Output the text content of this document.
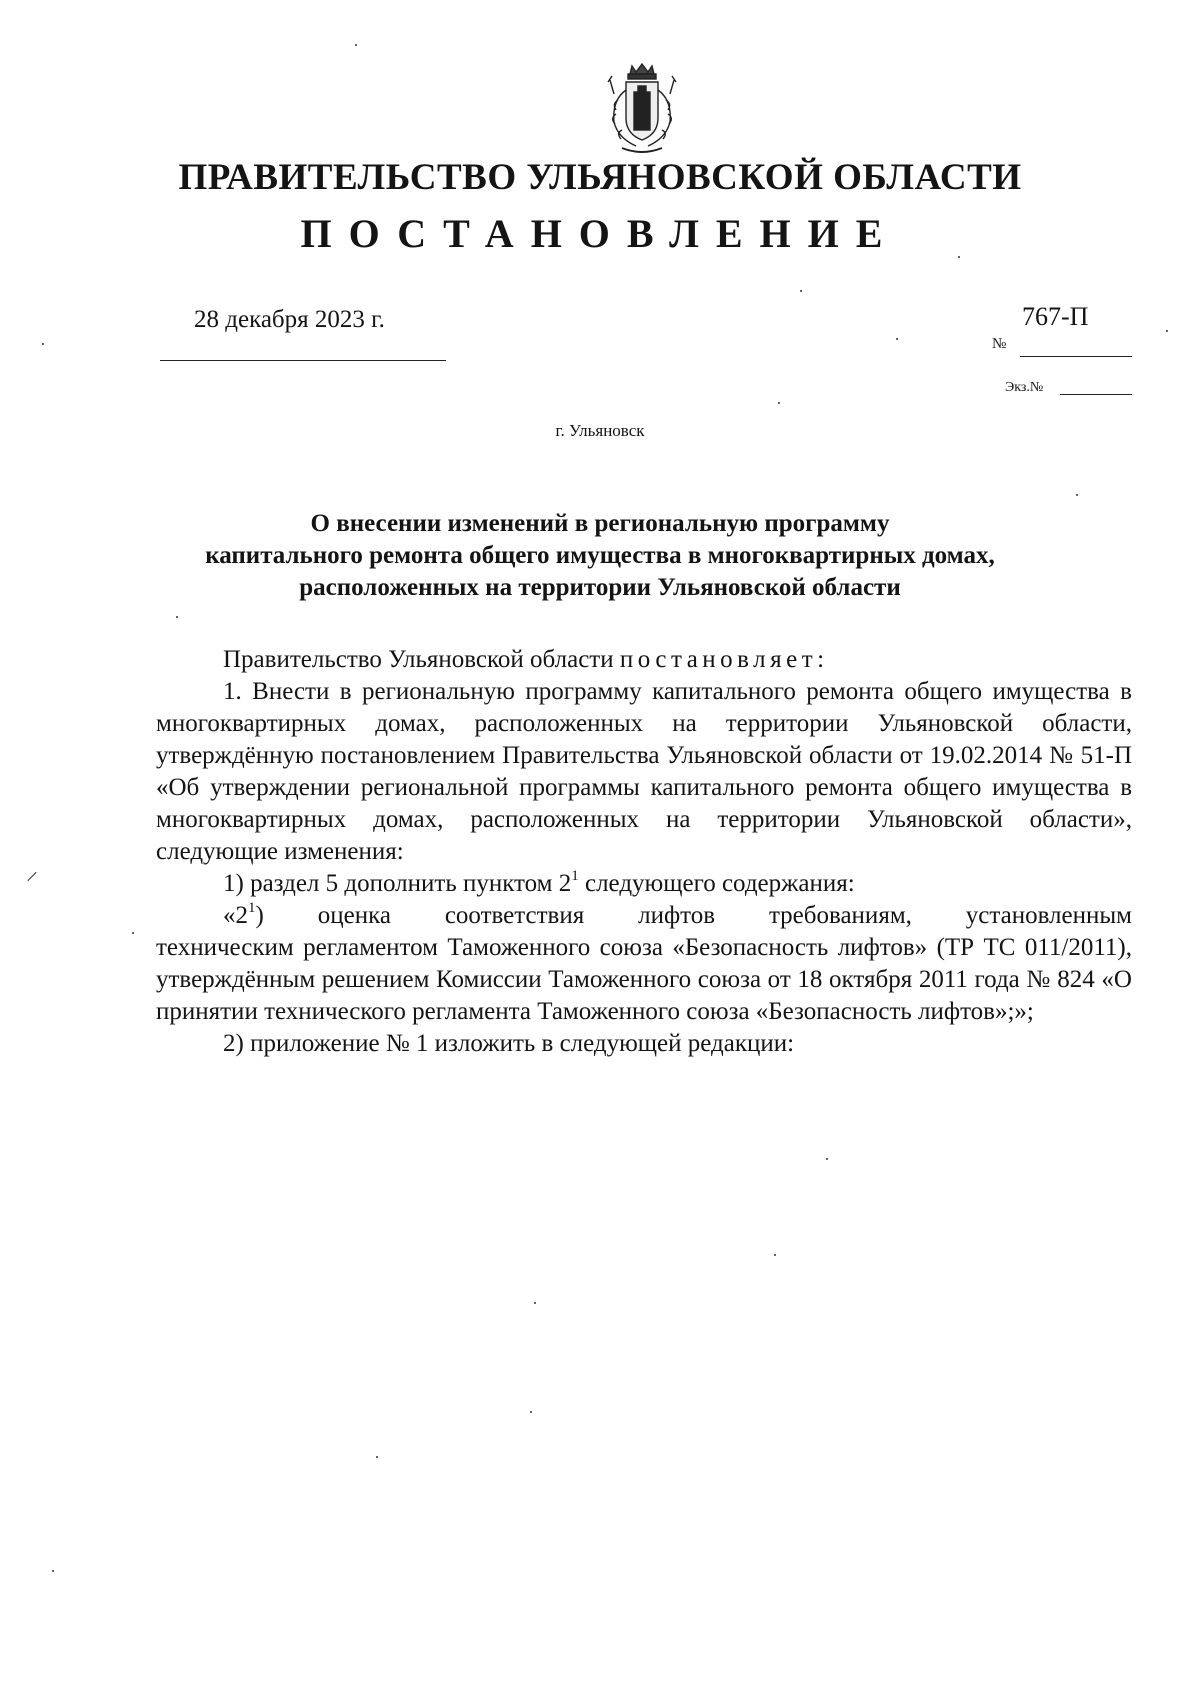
ПРАВИТЕЛЬСТВО УЛЬЯНОВСКОЙ ОБЛАСТИ
ПОСТАНОВЛЕНИЕ
28 декабря 2023 г.	767-П
№
Экз.№
г. Ульяновск
О внесении изменений в региональную программу
капитального ремонта общего имущества в многоквартирных домах,
расположенных на территории Ульяновской области
Правительство Ульяновской области постановляет:

1. Внести в региональную программу капитального ремонта общего имущества в многоквартирных домах, расположенных на территории Ульяновской области, утверждённую постановлением Правительства Ульяновской области от 19.02.2014 № 51-П «Об утверждении региональной программы капитального ремонта общего имущества в многоквартирных домах, расположенных на территории Ульяновской области», следующие изменения:

1) раздел 5 дополнить пунктом $2^1$ следующего содержания:
«$2^1$) оценка соответствия лифтов требованиям, установленным
техническим регламентом Таможенного союза «Безопасность лифтов» (ТР ТС 011/2011), утверждённым решением Комиссии Таможенного союза от 18 октября 2011 года № 824 «О принятии технического регламента Таможенного союза «Безопасность лифтов»;»;
2) приложение № 1 изложить в следующей редакции:
